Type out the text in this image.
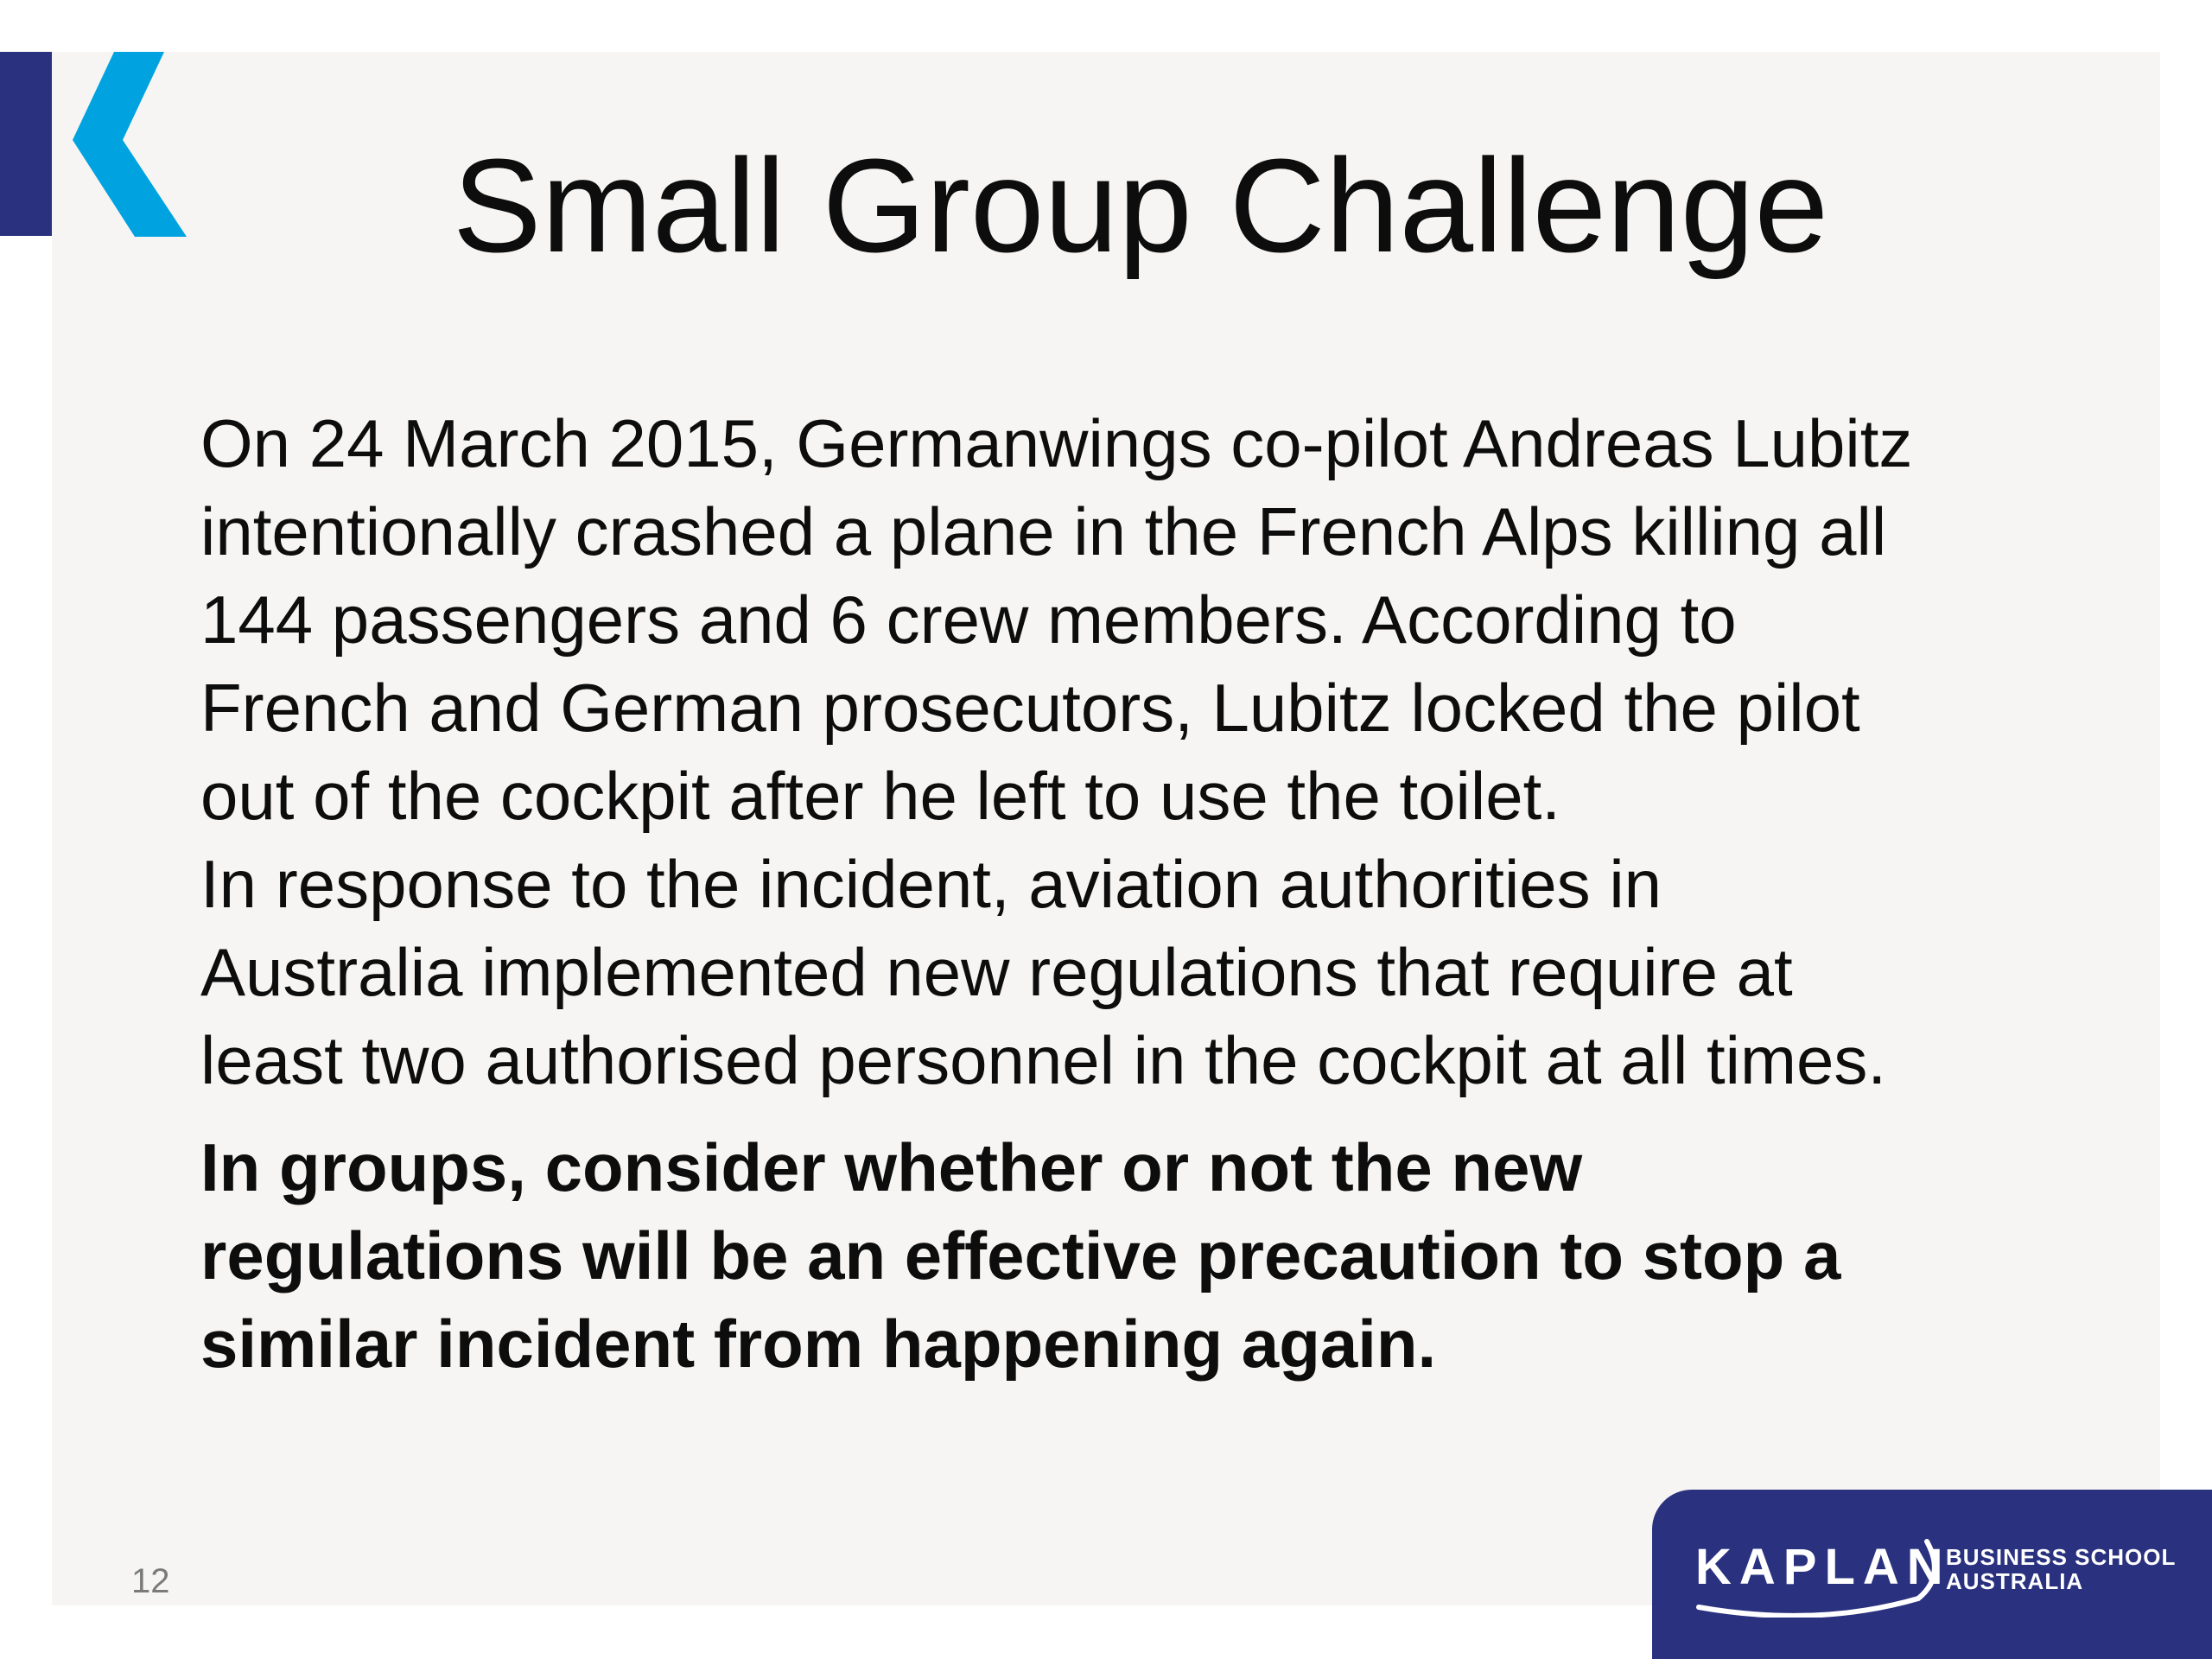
Small Group Challenge

On 24 March 2015, Germanwings co-pilot Andreas Lubitz
intentionally crashed a plane in the French Alps killing all
144 passengers and 6 crew members. According to
French and German prosecutors, Lubitz locked the pilot
out of the cockpit after he left to use the toilet.

In response to the incident, aviation authorities in
Australia implemented new regulations that require at
least two authorised personnel in the cockpit at all times.

In groups, consider whether or not the new
regulations will be an effective precaution to stop a
similar incident from happening again.

12	KAPLAN
BUSINESS SCHOOL
AUSTRALIA
